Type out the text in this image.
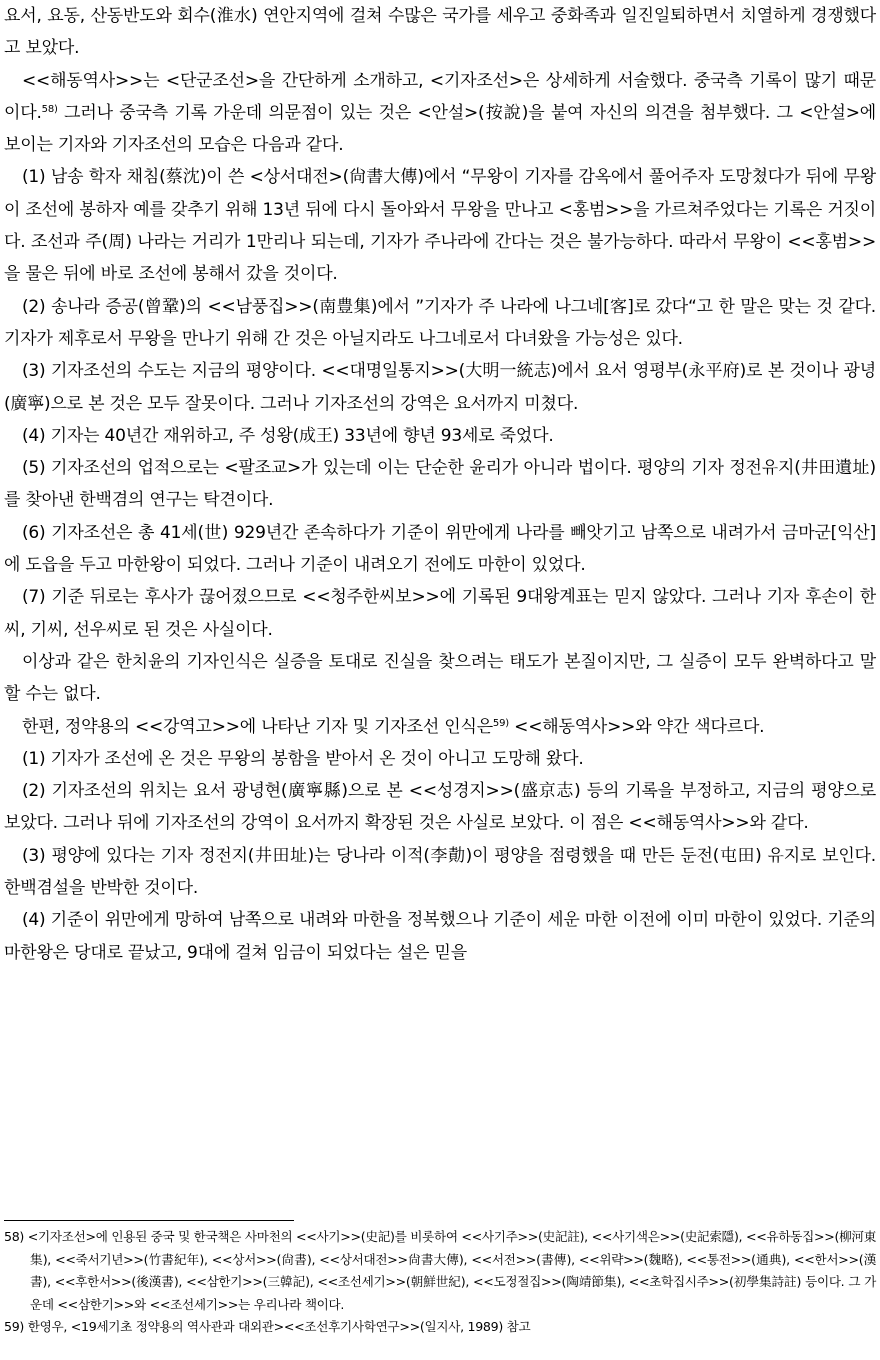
요서, 요동, 산동반도와 회수(淮水) 연안지역에 걸쳐 수많은 국가를 세우고 중화족과 일진일퇴하면서 치열하게 경쟁했다고 보았다.

<<해동역사>>는 <단군조선>을 간단하게 소개하고, <기자조선>은 상세하게 서술했다. 중국측 기록이 많기 때문이다.$^{58)}$ 그러나 중국측 기록 가운데 의문점이 있는 것은 <안설>(按說)을 붙여 자신의 의견을 첨부했다. 그 <안설>에 보이는 기자와 기자조선의 모습은 다음과 같다.

(1) 남송 학자 채침(蔡沈)이 쓴 <상서대전>(尙書大傳)에서 “무왕이 기자를 감옥에서 풀어주자 도망쳤다가 뒤에 무왕이 조선에 봉하자 예를 갖추기 위해 13년 뒤에 다시 돌아와서 무왕을 만나고 <홍범>>을 가르쳐주었다는 기록은 거짓이다. 조선과 주(周) 나라는 거리가 1만리나 되는데, 기자가 주나라에 간다는 것은 불가능하다. 따라서 무왕이 <<홍범>>을 물은 뒤에 바로 조선에 봉해서 갔을 것이다.

(2) 송나라 증공(曾鞏)의 <<남풍집>>(南豊集)에서 ”기자가 주 나라에 나그네[客]로 갔다“고 한 말은 맞는 것 같다. 기자가 제후로서 무왕을 만나기 위해 간 것은 아닐지라도 나그네로서 다녀왔을 가능성은 있다.

(3) 기자조선의 수도는 지금의 평양이다. <<대명일통지>>(大明一統志)에서 요서 영평부(永平府)로 본 것이나 광녕(廣寧)으로 본 것은 모두 잘못이다. 그러나 기자조선의 강역은 요서까지 미쳤다.

(4) 기자는 40년간 재위하고, 주 성왕(成王) 33년에 향년 93세로 죽었다.

(5) 기자조선의 업적으로는 <팔조교>가 있는데 이는 단순한 윤리가 아니라 법이다. 평양의 기자 정전유지(井田遺址)를 찾아낸 한백겸의 연구는 탁견이다.

(6) 기자조선은 총 41세(世) 929년간 존속하다가 기준이 위만에게 나라를 빼앗기고 남쪽으로 내려가서 금마군[익산]에 도읍을 두고 마한왕이 되었다. 그러나 기준이 내려오기 전에도 마한이 있었다.

(7) 기준 뒤로는 후사가 끊어졌으므로 <<청주한씨보>>에 기록된 9대왕계표는 믿지 않았다. 그러나 기자 후손이 한씨, 기씨, 선우씨로 된 것은 사실이다.

이상과 같은 한치윤의 기자인식은 실증을 토대로 진실을 찾으려는 태도가 본질이지만, 그 실증이 모두 완벽하다고 말할 수는 없다.

한편, 정약용의 <<강역고>>에 나타난 기자 및 기자조선 인식은$^{59)}$ <<해동역사>>와 약간 색다르다.

(1) 기자가 조선에 온 것은 무왕의 봉함을 받아서 온 것이 아니고 도망해 왔다.

(2) 기자조선의 위치는 요서 광녕현(廣寧縣)으로 본 <<성경지>>(盛京志) 등의 기록을 부정하고, 지금의 평양으로 보았다. 그러나 뒤에 기자조선의 강역이 요서까지 확장된 것은 사실로 보았다. 이 점은 <<해동역사>>와 같다.

(3) 평양에 있다는 기자 정전지(井田址)는 당나라 이적(李勣)이 평양을 점령했을 때 만든 둔전(屯田) 유지로 보인다. 한백겸설을 반박한 것이다.

(4) 기준이 위만에게 망하여 남쪽으로 내려와 마한을 정복했으나 기준이 세운 마한 이전에 이미 마한이 있었다. 기준의 마한왕은 당대로 끝났고, 9대에 걸쳐 임금이 되었다는 설은 믿을

58) <기자조선>에 인용된 중국 및 한국책은 사마천의 <<사기>>(史記)를 비롯하여 <<사기주>>(史記註), <<사기색은>>(史記索隱), <<유하동집>>(柳河東集), <<죽서기년>>(竹書紀年), <<상서>>(尙書), <<상서대전>>尙書大傳), <<서전>>(書傳), <<위략>>(魏略), <<통전>>(通典), <<한서>>(漢書), <<후한서>>(後漢書), <<삼한기>>(三韓記), <<조선세기>>(朝鮮世紀), <<도정절집>>(陶靖節集), <<초학집시주>>(初學集詩註) 등이다. 그 가운데 <<삼한기>>와 <<조선세기>>는 우리나라 책이다.

59) 한영우, <19세기초 정약용의 역사관과 대외관><<조선후기사학연구>>(일지사, 1989) 참고
